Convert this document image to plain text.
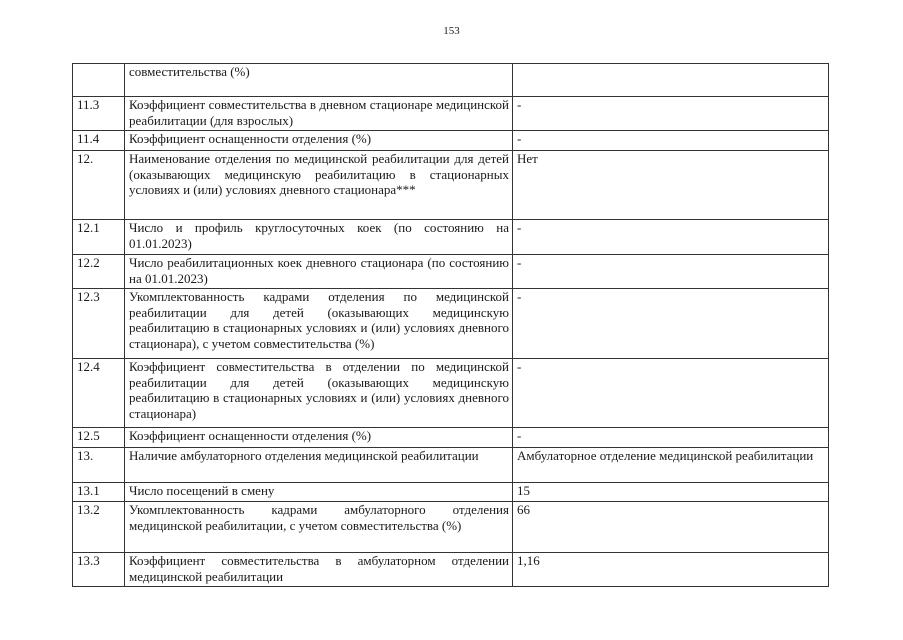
153
	совместительства (%)	
11.3	Коэффициент совместительства в дневном стационаре медицинской реабилитации (для взрослых)	-
11.4	Коэффициент оснащенности отделения (%)	-
12.	Наименование отделения по медицинской реабилитации для детей (оказывающих медицинскую реабилитацию в стационарных условиях и (или) условиях дневного стационара***	Нет
12.1	Число и профиль круглосуточных коек (по состоянию на 01.01.2023)	-
12.2	Число реабилитационных коек дневного стационара (по состоянию на 01.01.2023)	-
12.3	Укомплектованность кадрами отделения по медицинской реабилитации для детей (оказывающих медицинскую реабилитацию в стационарных условиях и (или) условиях дневного стационара), с учетом совместительства (%)	-
12.4	Коэффициент совместительства в отделении по медицинской реабилитации для детей (оказывающих медицинскую реабилитацию в стационарных условиях и (или) условиях дневного стационара)	-
12.5	Коэффициент оснащенности отделения (%)	-
13.	Наличие амбулаторного отделения медицинской реабилитации	Амбулаторное отделение медицинской реабилитации
13.1	Число посещений в смену	15
13.2	Укомплектованность кадрами амбулаторного отделения медицинской реабилитации, с учетом совместительства (%)	66
13.3	Коэффициент совместительства в амбулаторном отделении медицинской реабилитации	1,16
